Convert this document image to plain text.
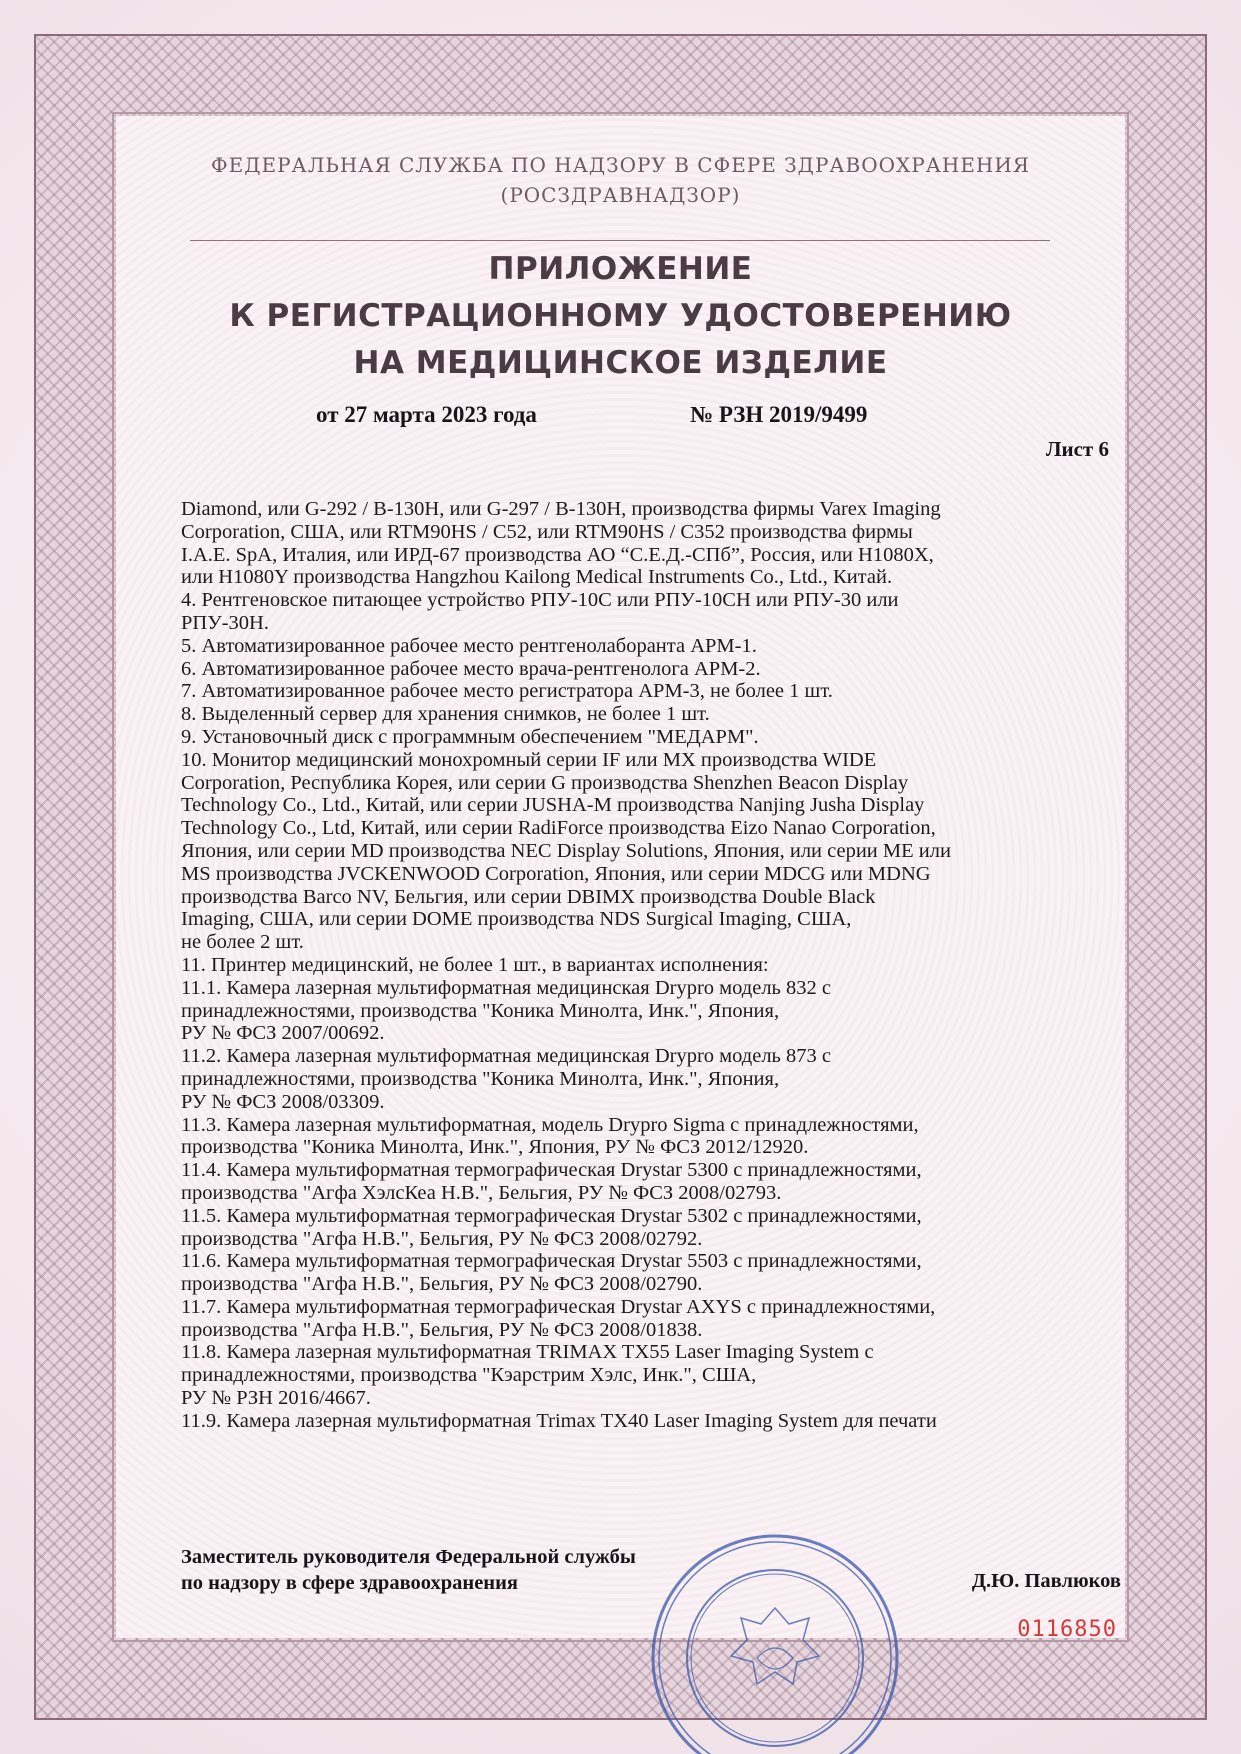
ФЕДЕРАЛЬНАЯ СЛУЖБА ПО НАДЗОРУ В СФЕРЕ ЗДРАВООХРАНЕНИЯ
(РОСЗДРАВНАДЗОР)
ПРИЛОЖЕНИЕ
К РЕГИСТРАЦИОННОМУ УДОСТОВЕРЕНИЮ
НА МЕДИЦИНСКОЕ ИЗДЕЛИЕ
от 27 марта 2023 года	№ РЗН 2019/9499
Лист 6
Diamond, или G-292 / B-130H, или G-297 / B-130H, производства фирмы Varex Imaging
Corporation, США, или RTM90HS / C52, или RTM90HS / C352 производства фирмы
I.A.E. SpA, Италия, или ИРД-67 производства АО “С.Е.Д.-СПб”, Россия, или H1080X,
или H1080Y производства Hangzhou Kailong Medical Instruments Co., Ltd., Китай.
4. Рентгеновское питающее устройство РПУ-10С или РПУ-10СН или РПУ-30 или
РПУ-30Н.
5. Автоматизированное рабочее место рентгенолаборанта АРМ-1.
6. Автоматизированное рабочее место врача-рентгенолога АРМ-2.
7. Автоматизированное рабочее место регистратора АРМ-3, не более 1 шт.
8. Выделенный сервер для хранения снимков, не более 1 шт.
9. Установочный диск с программным обеспечением "МЕДАРМ".
10. Монитор медицинский монохромный серии IF или MX производства WIDE
Corporation, Республика Корея, или серии G производства Shenzhen Beacon Display
Technology Co., Ltd., Китай, или серии JUSHA-M производства Nanjing Jusha Display
Technology Co., Ltd, Китай, или серии RadiForce производства Eizo Nanao Corporation,
Япония, или серии MD производства NEC Display Solutions, Япония, или серии ME или
MS производства JVCKENWOOD Corporation, Япония, или серии MDCG или MDNG
производства Barco NV, Бельгия, или серии DBIMX производства Double Black
Imaging, США, или серии DOME производства NDS Surgical Imaging, США,
не более 2 шт.
11. Принтер медицинский, не более 1 шт., в вариантах исполнения:
11.1. Камера лазерная мультиформатная медицинская Drypro модель 832 с
принадлежностями, производства "Коника Минолта, Инк.", Япония,
РУ № ФСЗ 2007/00692.
11.2. Камера лазерная мультиформатная медицинская Drypro модель 873 с
принадлежностями, производства "Коника Минолта, Инк.", Япония,
РУ № ФСЗ 2008/03309.
11.3. Камера лазерная мультиформатная, модель Drypro Sigma с принадлежностями,
производства "Коника Минолта, Инк.", Япония, РУ № ФСЗ 2012/12920.
11.4. Камера мультиформатная термографическая Drystar 5300 с принадлежностями,
производства "Агфа ХэлсКеа Н.В.", Бельгия, РУ № ФСЗ 2008/02793.
11.5. Камера мультиформатная термографическая Drystar 5302 с принадлежностями,
производства "Агфа Н.В.", Бельгия, РУ № ФСЗ 2008/02792.
11.6. Камера мультиформатная термографическая Drystar 5503 с принадлежностями,
производства "Агфа Н.В.", Бельгия, РУ № ФСЗ 2008/02790.
11.7. Камера мультиформатная термографическая Drystar AXYS с принадлежностями,
производства "Агфа Н.В.", Бельгия, РУ № ФСЗ 2008/01838.
11.8. Камера лазерная мультиформатная TRIMAX TX55 Laser Imaging System с
принадлежностями, производства "Кэарстрим Хэлс, Инк.", США,
РУ № РЗН 2016/4667.
11.9. Камера лазерная мультиформатная Trimax TX40 Laser Imaging System для печати
Заместитель руководителя Федеральной службы
по надзору в сфере здравоохранения	Д.Ю. Павлюков
0116850
